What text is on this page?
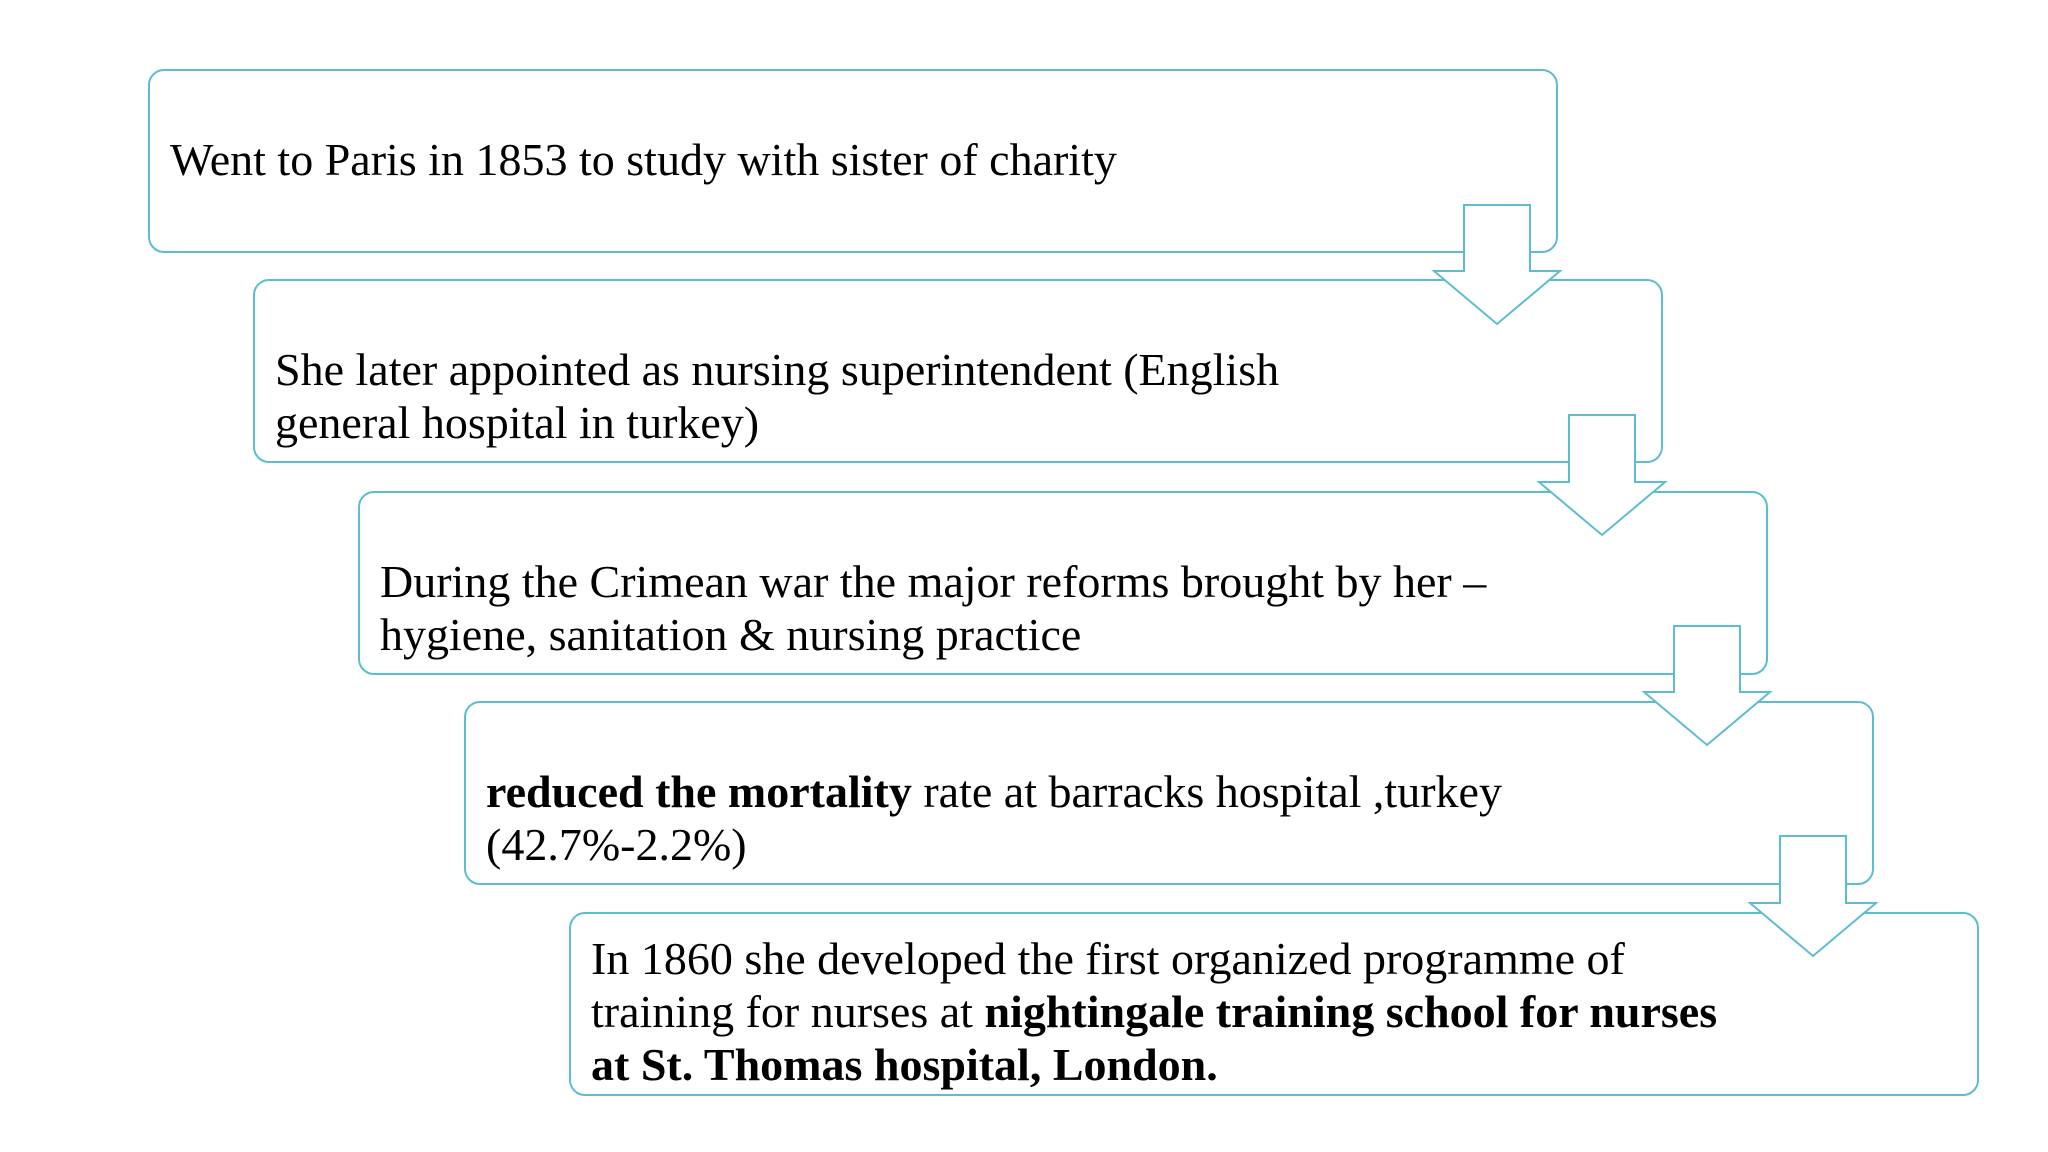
Went to Paris in 1853 to study with sister of charity
She later appointed as nursing superintendent (English general hospital in turkey)
During the Crimean war the major reforms brought by her –hygiene, sanitation & nursing practice
reduced the mortality rate at barracks hospital ,turkey (42.7%-2.2%)
In 1860 she developed the first organized programme of training for nurses at nightingale training school for nurses at St. Thomas hospital, London.
